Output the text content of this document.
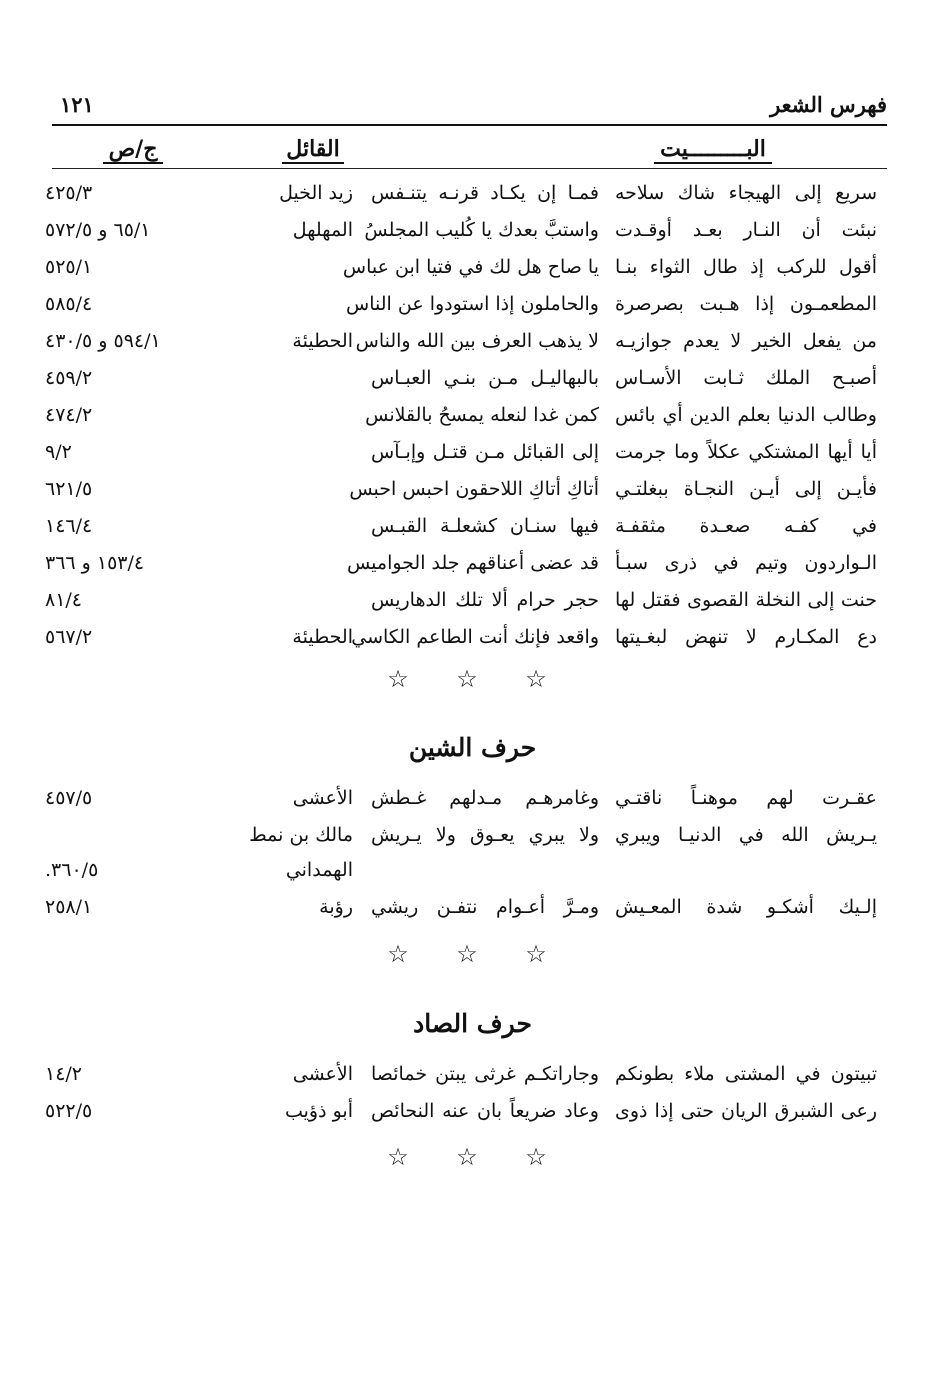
فهرس الشعر
١٢١
البـــــــــيت
القائل
ج/ص
سريع إلى الهيجاء شاك سلاحه
فمـا إن يكـاد قرنـه يتنـفس
زيد الخيل
٤٢٥/٣
نبئت أن النـار بعـد أوقـدت
واستبَّ بعدك يا كُليب المجلسُ
المهلهل
٦٥/١ و ٥٧٢/٥
أقول للركب إذ طال الثواء بنـا
يا صاح هل لك في فتيا ابن عباس
٥٢٥/١
المطعمـون إذا هـبت بصرصرة
والحاملون إذا استودوا عن الناس
٥٨٥/٤
من يفعل الخير لا يعدم جوازيـه
لا يذهب العرف بين الله والناس
الحطيئة
٥٩٤/١ و ٤٣٠/٥
أصبـح الملك ثـابت الأسـاس
بالبهاليـل مـن بنـي العبـاس
٤٥٩/٢
وطالب الدنيا بعلم الدين أي بائس
كمن غدا لنعله يمسحُ بالقلانس
٤٧٤/٢
أيا أيها المشتكي عكلاً وما جرمت
إلى القبائل مـن قتـل وإبـآس
٩/٢
فأيـن إلى أيـن النجـاة ببغلتـي
أتاكِ أتاكِ اللاحقون احبس احبس
٦٢١/٥
في كفـه صعـدة مثقفـة
فيها سنـان كشعلـة القبـس
١٤٦/٤
الـواردون وتيم في ذرى سبـأ
قد عضى أعناقهم جلد الجواميس
١٥٣/٤ و ٣٦٦
حنت إلى النخلة القصوى فقتل لها
حجر حرام ألا تلك الدهاريس
٨١/٤
دع المكـارم لا تنهض لبغـيتها
واقعد فإنك أنت الطاعم الكاسي
الحطيئة
٥٦٧/٢
☆ ☆ ☆
حرف الشين
عقـرت لهم موهنـاً ناقتـي
وغامرهـم مـدلهم غـطش
الأعشى
٤٥٧/٥
يـريش الله في الدنيـا ويبري
ولا يبري يعـوق ولا يـريش
مالك بن نمط
الهمداني
٣٦٠/٥.
إلـيك أشكـو شدة المعـيش
ومـرَّ أعـوام نتفـن ريشي
رؤبة
٢٥٨/١
☆ ☆ ☆
حرف الصاد
تبيتون في المشتى ملاء بطونكم
وجاراتكـم غرثى يبتن خمائصا
الأعشى
١٤/٢
رعى الشبرق الريان حتى إذا ذوى
وعاد ضريعاً بان عنه النحائص
أبو ذؤيب
٥٢٢/٥
☆ ☆ ☆
